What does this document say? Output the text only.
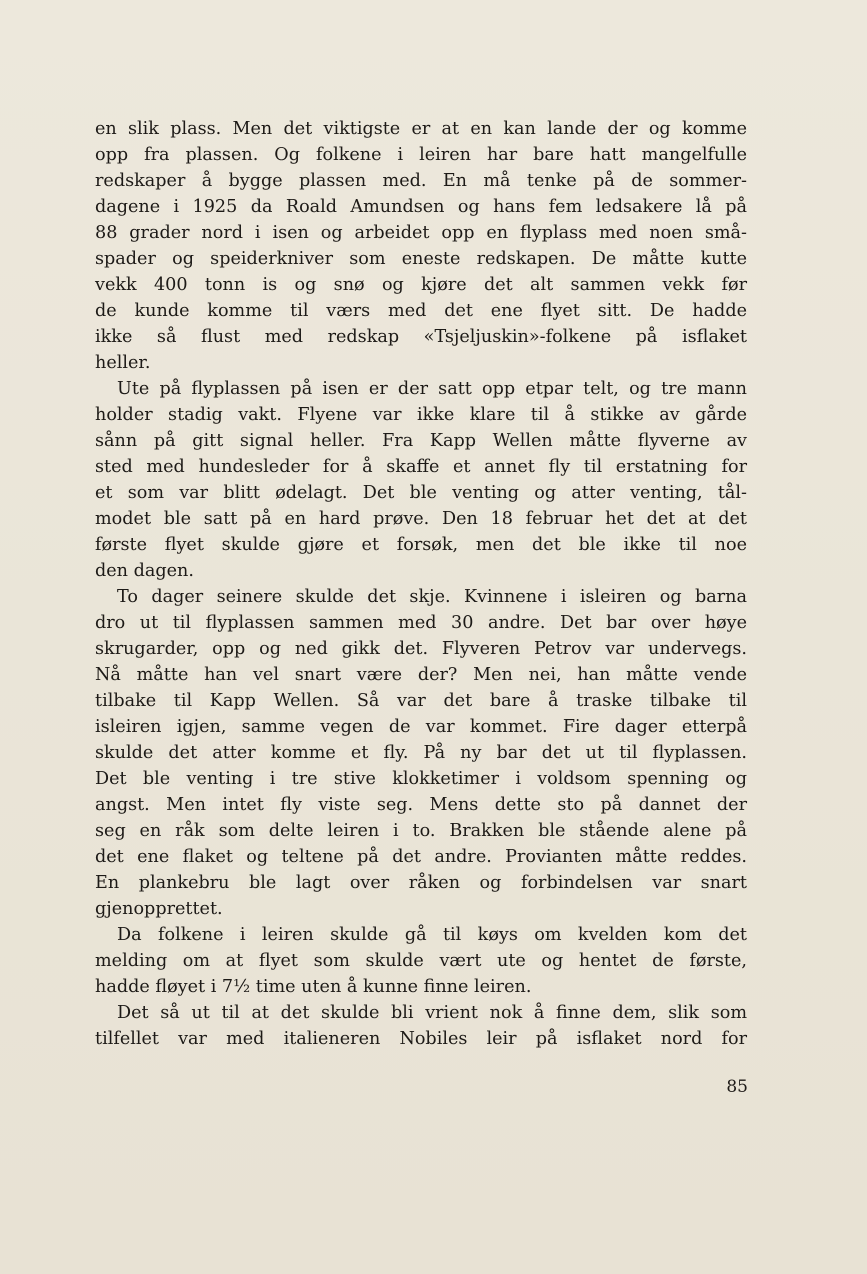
en slik plass. Men det viktigste er at en kan lande der og komme
opp fra plassen. Og folkene i leiren har bare hatt mangelfulle
redskaper å bygge plassen med. En må tenke på de sommer-
dagene i 1925 da Roald Amundsen og hans fem ledsakere lå på
88 grader nord i isen og arbeidet opp en flyplass med noen små-
spader og speiderkniver som eneste redskapen. De måtte kutte
vekk 400 tonn is og snø og kjøre det alt sammen vekk før
de kunde komme til værs med det ene flyet sitt. De hadde
ikke så flust med redskap «Tsjeljuskin»-folkene på isflaket
heller.

Ute på flyplassen på isen er der satt opp etpar telt, og tre mann
holder stadig vakt. Flyene var ikke klare til å stikke av gårde
sånn på gitt signal heller. Fra Kapp Wellen måtte flyverne av
sted med hundesleder for å skaffe et annet fly til erstatning for
et som var blitt ødelagt. Det ble venting og atter venting, tål-
modet ble satt på en hard prøve. Den 18 februar het det at det
første flyet skulde gjøre et forsøk, men det ble ikke til noe
den dagen.

To dager seinere skulde det skje. Kvinnene i isleiren og barna
dro ut til flyplassen sammen med 30 andre. Det bar over høye
skrugarder, opp og ned gikk det. Flyveren Petrov var undervegs.
Nå måtte han vel snart være der? Men nei, han måtte vende
tilbake til Kapp Wellen. Så var det bare å traske tilbake til
isleiren igjen, samme vegen de var kommet. Fire dager etterpå
skulde det atter komme et fly. På ny bar det ut til flyplassen.
Det ble venting i tre stive klokketimer i voldsom spenning og
angst. Men intet fly viste seg. Mens dette sto på dannet der
seg en råk som delte leiren i to. Brakken ble stående alene på
det ene flaket og teltene på det andre. Provianten måtte reddes.
En plankebru ble lagt over råken og forbindelsen var snart
gjenopprettet.

Da folkene i leiren skulde gå til køys om kvelden kom det
melding om at flyet som skulde vært ute og hentet de første,
hadde fløyet i 7½ time uten å kunne finne leiren.

Det så ut til at det skulde bli vrient nok å finne dem, slik som
tilfellet var med italieneren Nobiles leir på isflaket nord for

85
